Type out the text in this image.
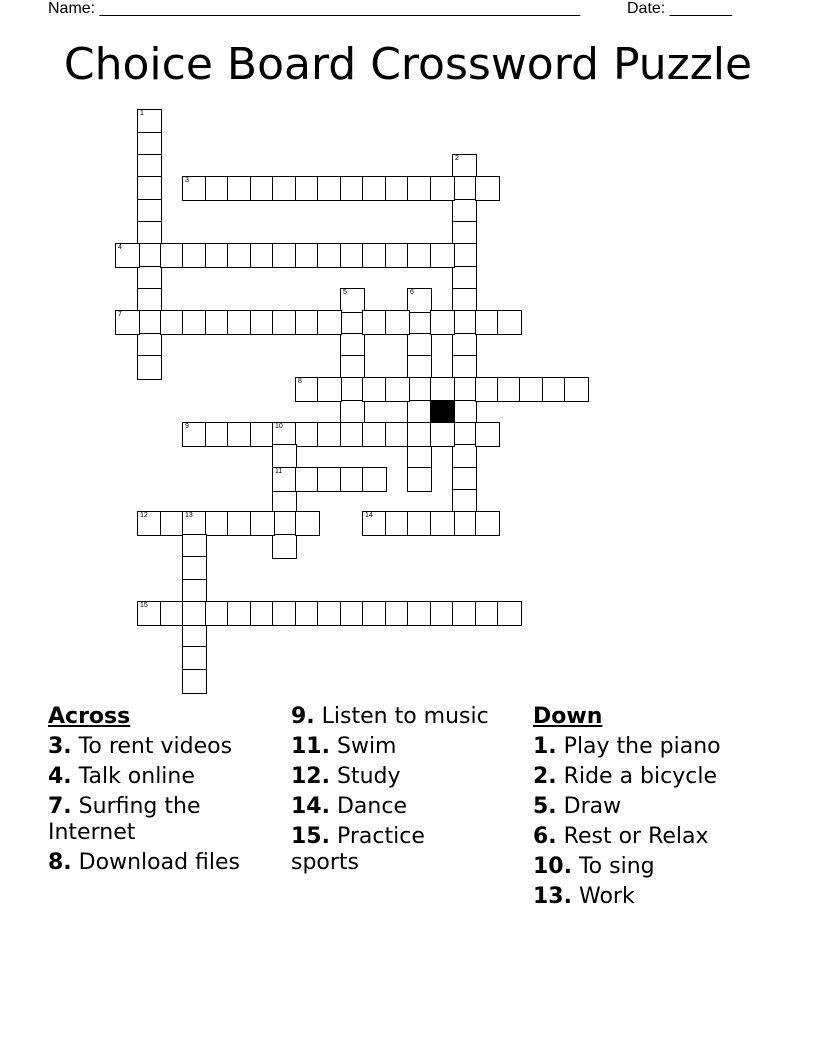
Name: ______________________________________________________	Date: _______
Choice Board Crossword Puzzle
1
2
3
4
5	6
7
8
9	10
11
12	13	14
15
Across
3. To rent videos
4. Talk online
7. Surfing the Internet
8. Download files
9. Listen to music
11. Swim
12. Study
14. Dance
15. Practice sports
Down
1. Play the piano
2. Ride a bicycle
5. Draw
6. Rest or Relax
10. To sing
13. Work
